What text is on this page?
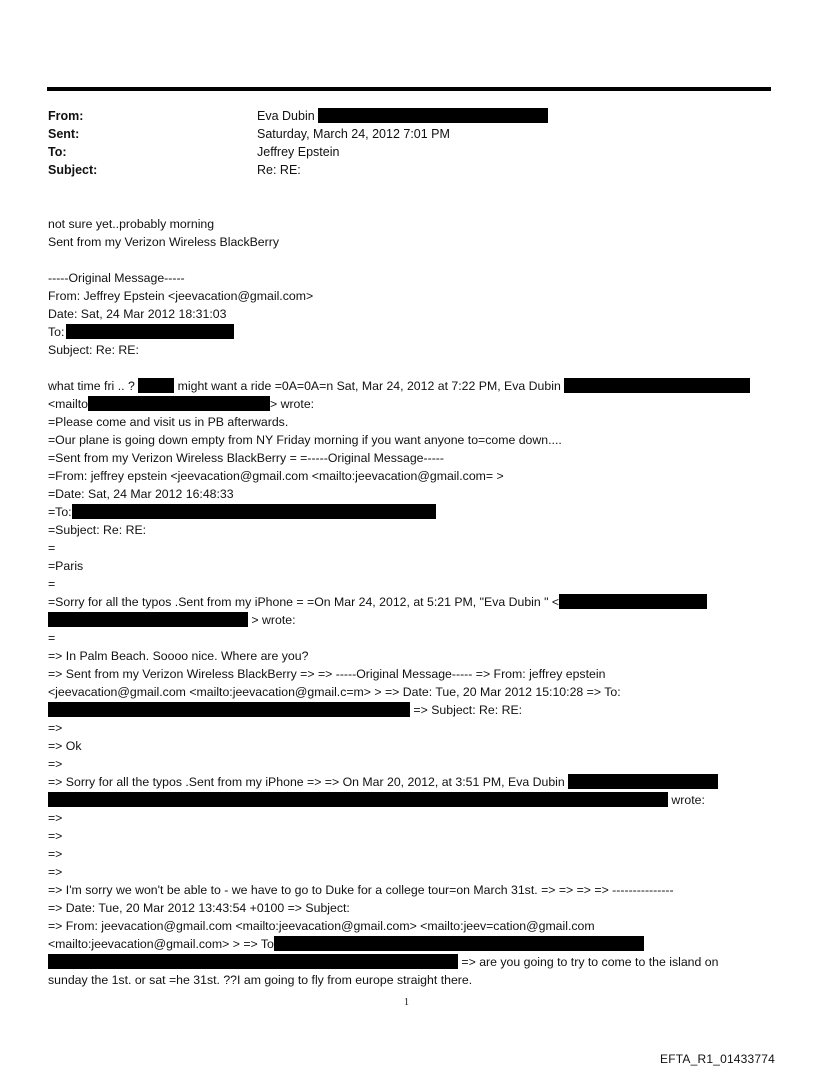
From:	Eva Dubin
Sent:	Saturday, March 24, 2012 7:01 PM
To:	Jeffrey Epstein
Subject:	Re: RE:
not sure yet..probably morning
Sent from my Verizon Wireless BlackBerry
-----Original Message-----
From: Jeffrey Epstein <jeevacation@gmail.com>
Date: Sat, 24 Mar 2012 18:31:03
To:
Subject: Re: RE:
what time fri .. ?	might want a ride =0A=0A=n Sat, Mar 24, 2012 at 7:22 PM, Eva Dubin
<mailto	> wrote:
=Please come and visit us in PB afterwards.
=Our plane is going down empty from NY Friday morning if you want anyone to=come down....
=Sent from my Verizon Wireless BlackBerry = =-----Original Message-----
=From: jeffrey epstein <jeevacation@gmail.com <mailto:jeevacation@gmail.com= >
=Date: Sat, 24 Mar 2012 16:48:33
=To:
=Subject: Re: RE:
=
=Paris
=
=Sorry for all the typos .Sent from my iPhone = =On Mar 24, 2012, at 5:21 PM, "Eva Dubin " <
> wrote:
=
=> In Palm Beach. Soooo nice. Where are you?
=> Sent from my Verizon Wireless BlackBerry => => -----Original Message----- => From: jeffrey epstein
<jeevacation@gmail.com <mailto:jeevacation@gmail.c=m> > => Date: Tue, 20 Mar 2012 15:10:28 => To:
=> Subject: Re: RE:
=>
=> Ok
=>
=> Sorry for all the typos .Sent from my iPhone => => On Mar 20, 2012, at 3:51 PM, Eva Dubin
wrote:
=>
=>
=>
=>
=> I'm sorry we won't be able to - we have to go to Duke for a college tour=on March 31st. => => => => ---------------
=> Date: Tue, 20 Mar 2012 13:43:54 +0100 => Subject:
=> From: jeevacation@gmail.com <mailto:jeevacation@gmail.com> <mailto:jeev=cation@gmail.com
<mailto:jeevacation@gmail.com> > => To
=> are you going to try to come to the island on
sunday the 1st. or sat =he 31st. ??I am going to fly from europe straight there.
1
EFTA_R1_01433774
